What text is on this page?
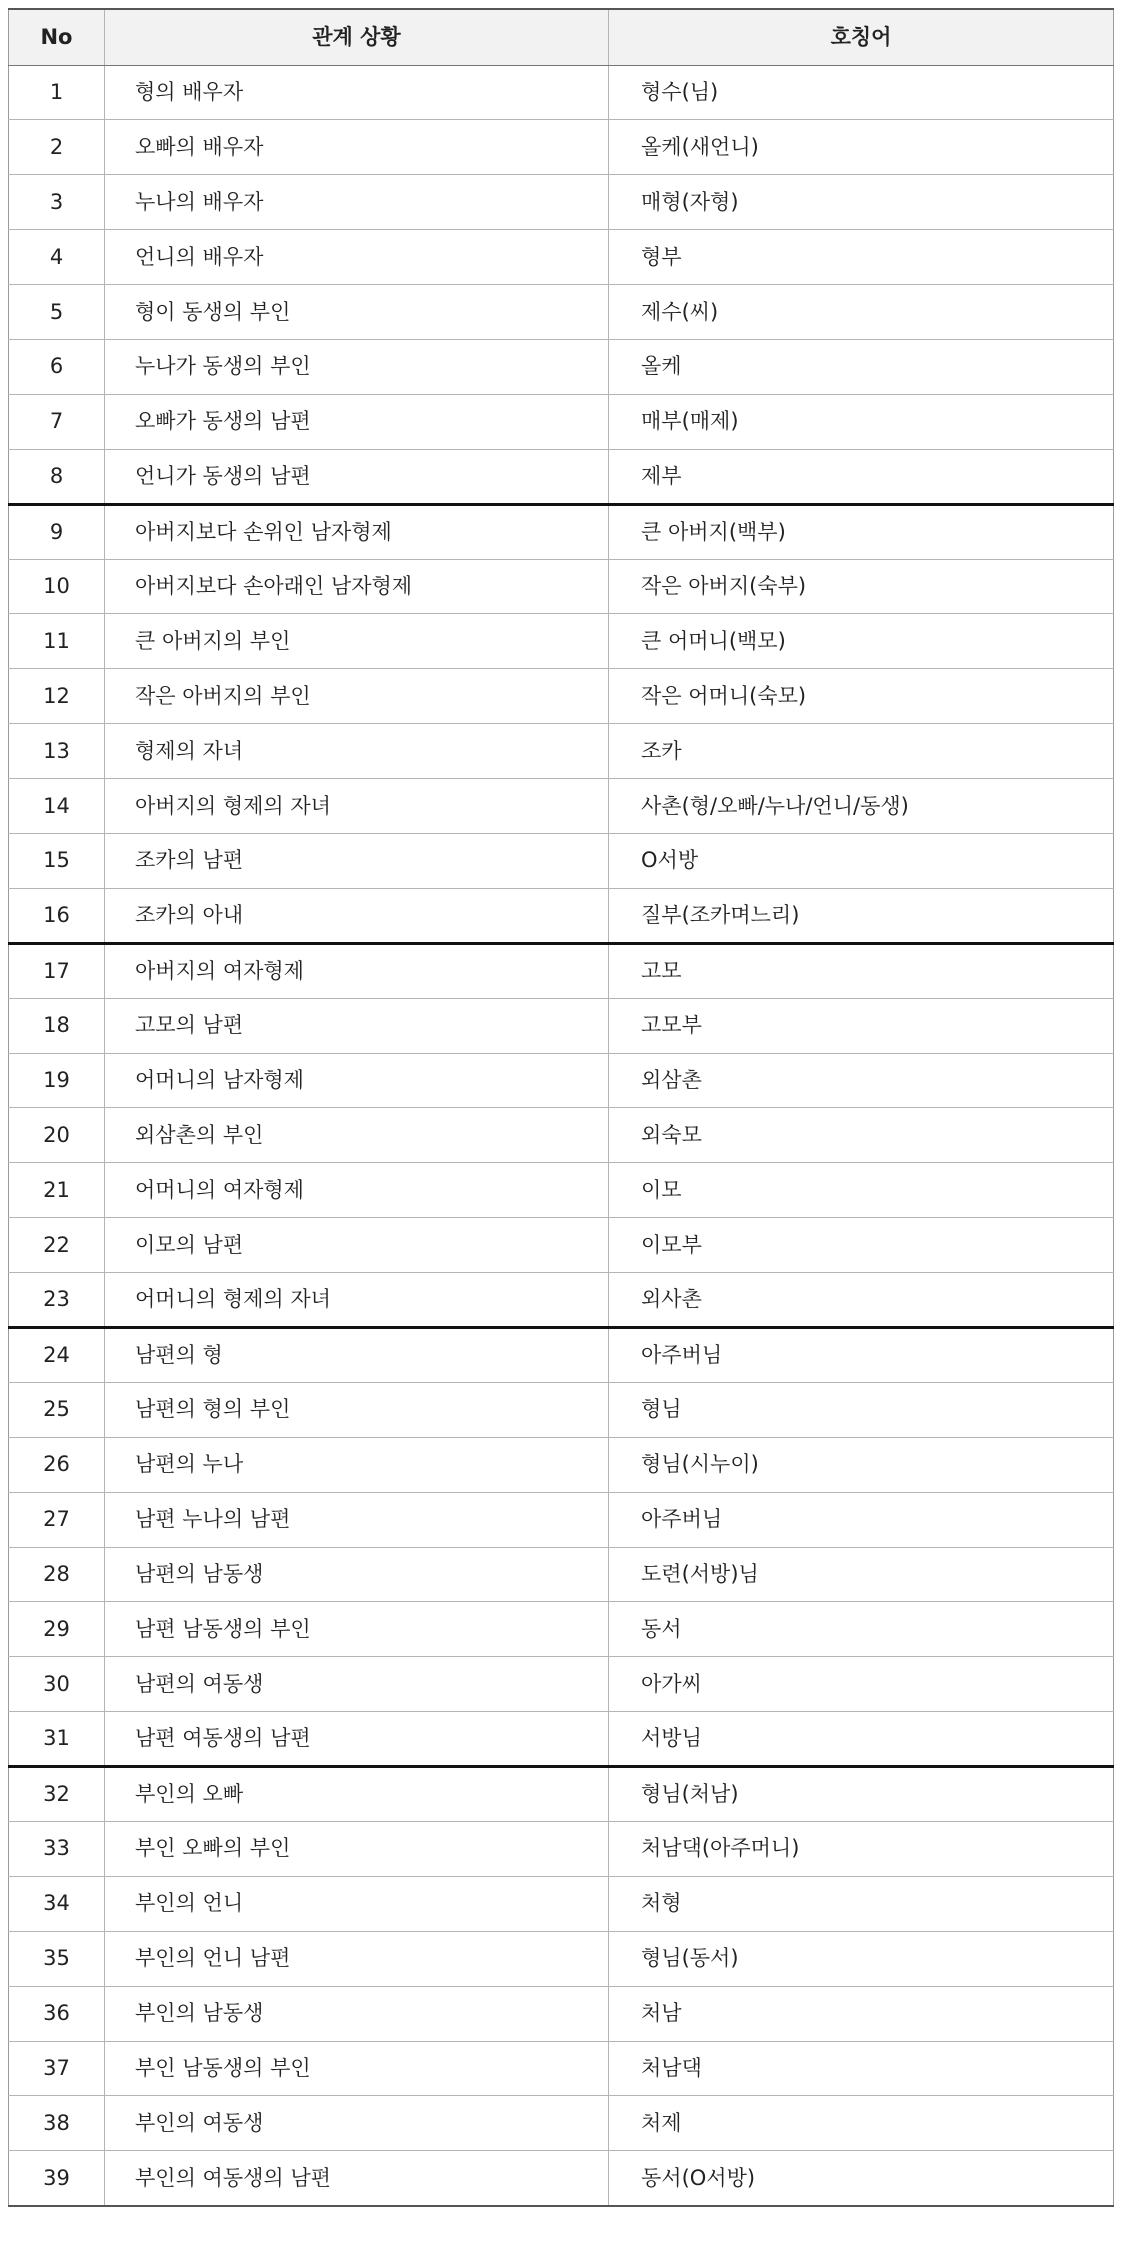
No	관계 상황	호칭어
1	형의 배우자	형수(님)
2	오빠의 배우자	올케(새언니)
3	누나의 배우자	매형(자형)
4	언니의 배우자	형부
5	형이 동생의 부인	제수(씨)
6	누나가 동생의 부인	올케
7	오빠가 동생의 남편	매부(매제)
8	언니가 동생의 남편	제부
9	아버지보다 손위인 남자형제	큰 아버지(백부)
10	아버지보다 손아래인 남자형제	작은 아버지(숙부)
11	큰 아버지의 부인	큰 어머니(백모)
12	작은 아버지의 부인	작은 어머니(숙모)
13	형제의 자녀	조카
14	아버지의 형제의 자녀	사촌(형/오빠/누나/언니/동생)
15	조카의 남편	O서방
16	조카의 아내	질부(조카며느리)
17	아버지의 여자형제	고모
18	고모의 남편	고모부
19	어머니의 남자형제	외삼촌
20	외삼촌의 부인	외숙모
21	어머니의 여자형제	이모
22	이모의 남편	이모부
23	어머니의 형제의 자녀	외사촌
24	남편의 형	아주버님
25	남편의 형의 부인	형님
26	남편의 누나	형님(시누이)
27	남편 누나의 남편	아주버님
28	남편의 남동생	도련(서방)님
29	남편 남동생의 부인	동서
30	남편의 여동생	아가씨
31	남편 여동생의 남편	서방님
32	부인의 오빠	형님(처남)
33	부인 오빠의 부인	처남댁(아주머니)
34	부인의 언니	처형
35	부인의 언니 남편	형님(동서)
36	부인의 남동생	처남
37	부인 남동생의 부인	처남댁
38	부인의 여동생	처제
39	부인의 여동생의 남편	동서(O서방)
